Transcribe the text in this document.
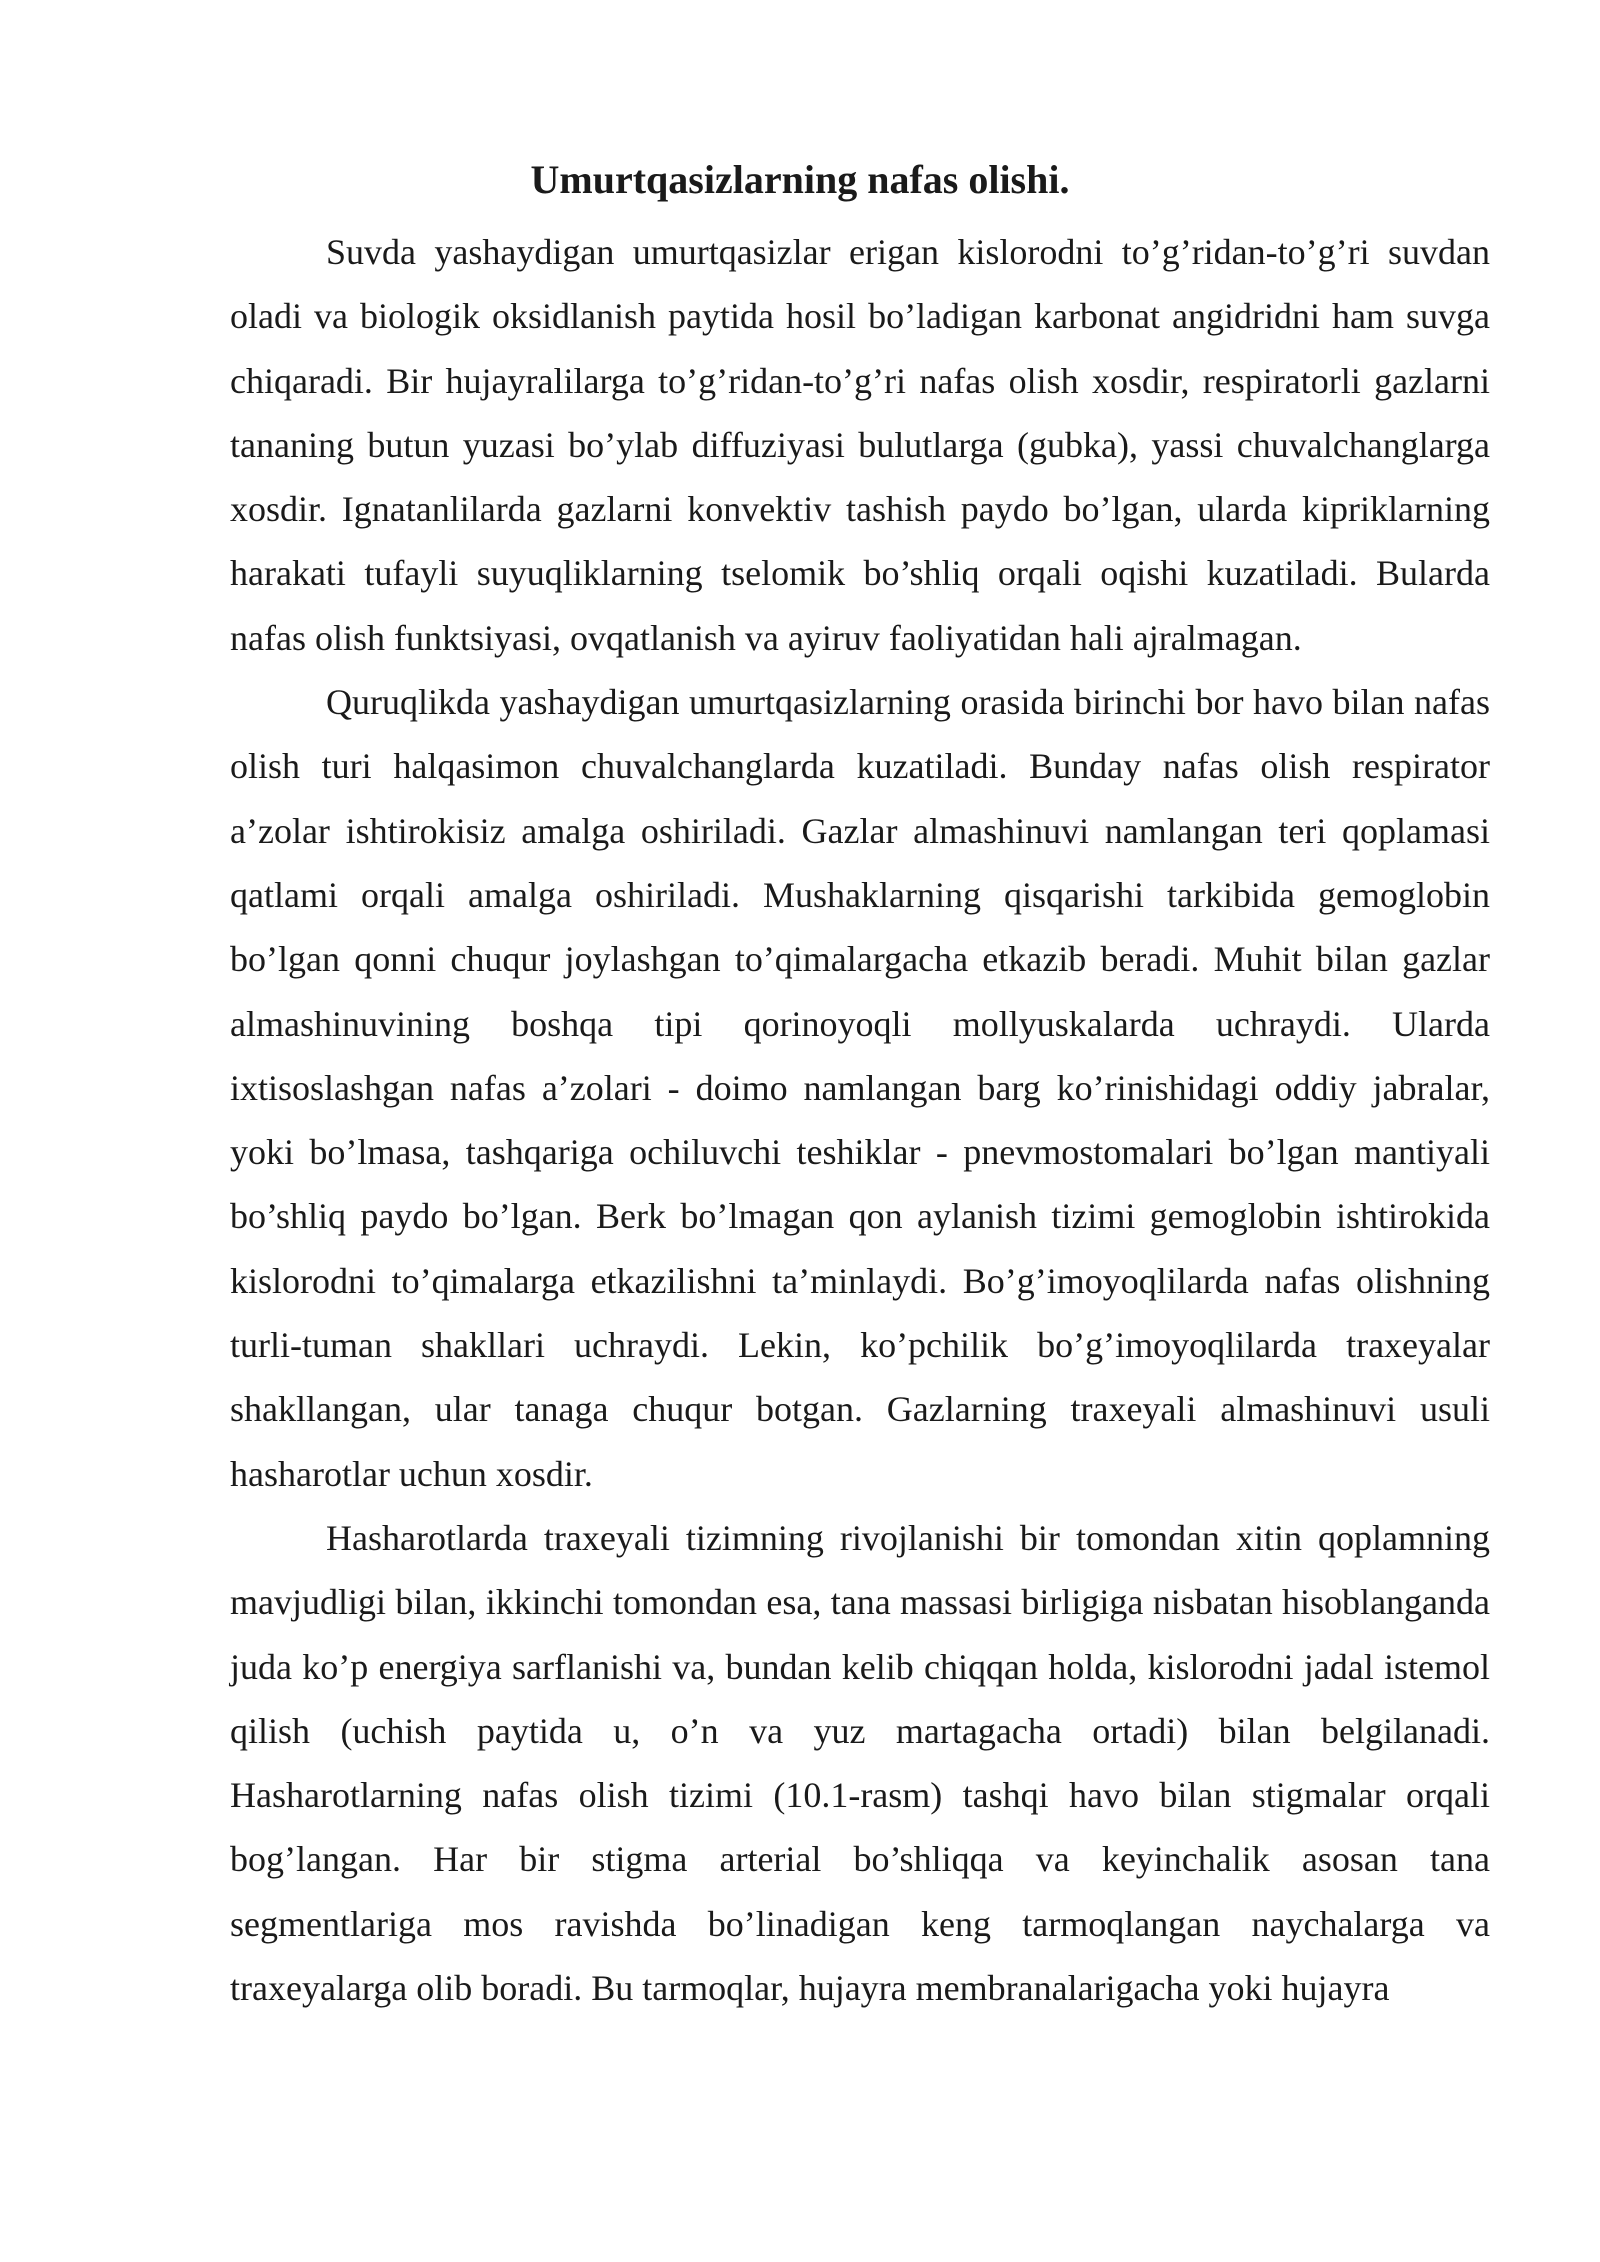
Umurtqasizlarning nafas olishi.

Suvda yashaydigan umurtqasizlar erigan kislorodni to’g’ridan-to’g’ri suvdan oladi va biologik oksidlanish paytida hosil bo’ladigan karbonat angidridni ham suvga chiqaradi. Bir hujayralilarga to’g’ridan-to’g’ri nafas olish xosdir, respiratorli gazlarni tananing butun yuzasi bo’ylab diffuziyasi bulutlarga (gubka), yassi chuvalchanglarga xosdir. Ignatanlilarda gazlarni konvektiv tashish paydo bo’lgan, ularda kipriklarning harakati tufayli suyuqliklarning tselomik bo’shliq orqali oqishi kuzatiladi. Bularda nafas olish funktsiyasi, ovqatlanish va ayiruv faoliyatidan hali ajralmagan.

Quruqlikda yashaydigan umurtqasizlarning orasida birinchi bor havo bilan nafas olish turi halqasimon chuvalchanglarda kuzatiladi. Bunday nafas olish respirator a’zolar ishtirokisiz amalga oshiriladi. Gazlar almashinuvi namlangan teri qoplamasi qatlami orqali amalga oshiriladi. Mushaklarning qisqarishi tarkibida gemoglobin bo’lgan qonni chuqur joylashgan to’qimalargacha etkazib beradi. Muhit bilan gazlar almashinuvining boshqa tipi qorinoyoqli mollyuskalarda uchraydi. Ularda ixtisoslashgan nafas a’zolari - doimo namlangan barg ko’rinishidagi oddiy jabralar, yoki bo’lmasa, tashqariga ochiluvchi teshiklar - pnevmostomalari bo’lgan mantiyali bo’shliq paydo bo’lgan. Berk bo’lmagan qon aylanish tizimi gemoglobin ishtirokida kislorodni to’qimalarga etkazilishni ta’minlaydi. Bo’g’imoyoqlilarda nafas olishning turli-tuman shakllari uchraydi. Lekin, ko’pchilik bo’g’imoyoqlilarda traxeyalar shakllangan, ular tanaga chuqur botgan. Gazlarning traxeyali almashinuvi usuli hasharotlar uchun xosdir.

Hasharotlarda traxeyali tizimning rivojlanishi bir tomondan xitin qoplamning mavjudligi bilan, ikkinchi tomondan esa, tana massasi birligiga nisbatan hisoblanganda juda ko’p energiya sarflanishi va, bundan kelib chiqqan holda, kislorodni jadal istemol qilish (uchish paytida u, o’n va yuz martagacha ortadi) bilan belgilanadi. Hasharotlarning nafas olish tizimi (10.1-rasm) tashqi havo bilan stigmalar orqali bog’langan. Har bir stigma arterial bo’shliqqa va keyinchalik asosan tana segmentlariga mos ravishda bo’linadigan keng tarmoqlangan naychalarga va traxeyalarga olib boradi. Bu tarmoqlar, hujayra membranalarigacha yoki hujayra
